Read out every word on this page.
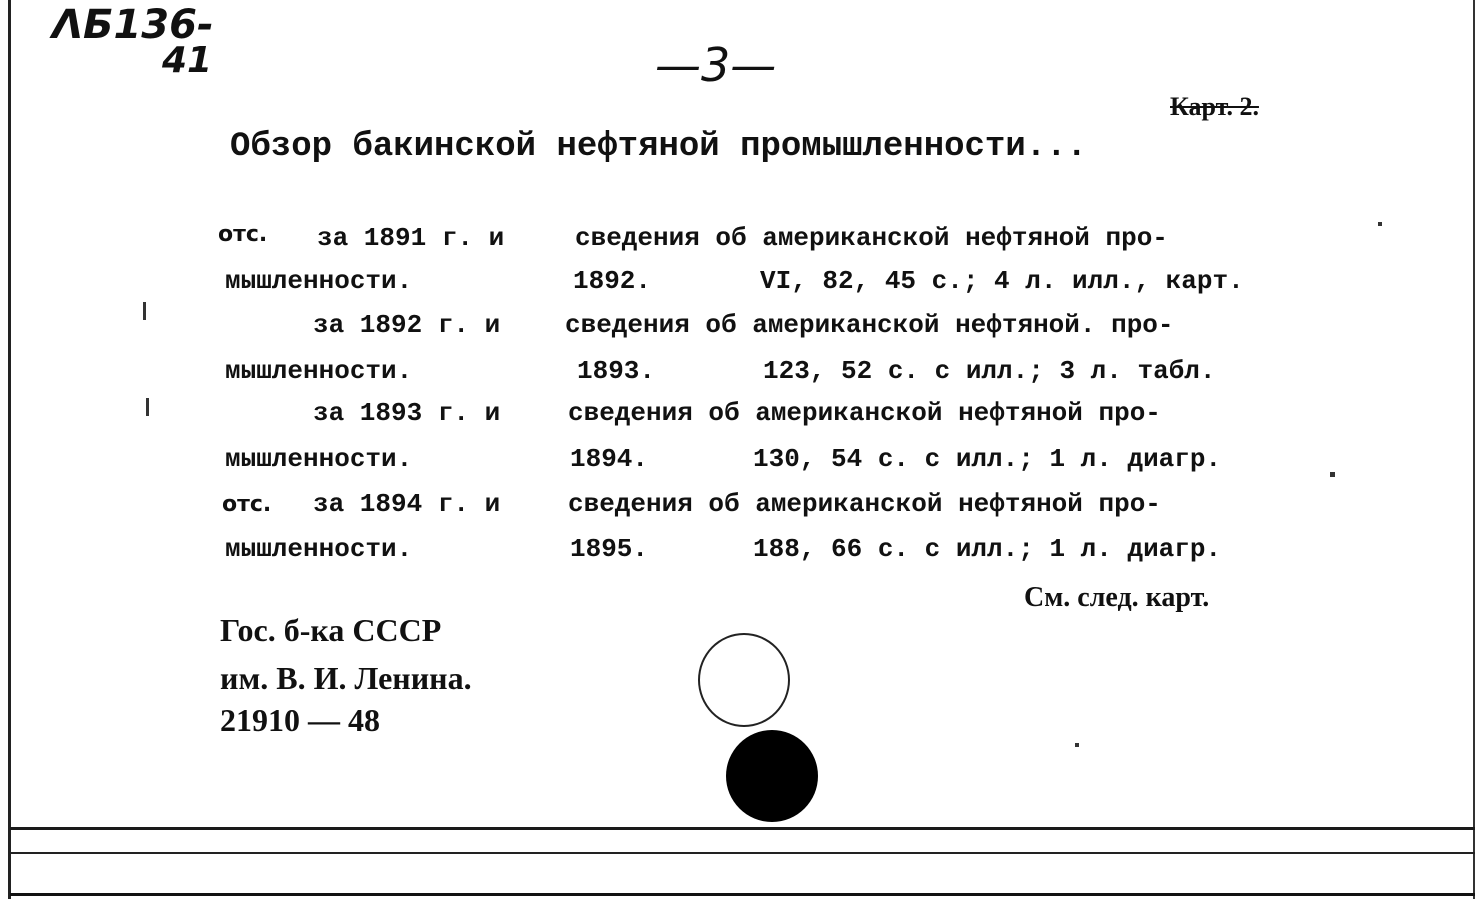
ΛБ136-
41	—3—
Карт. 2.
Обзор бакинской нефтяной промышленности...
отс. за 1891 г. и	сведения об американской нефтяной про-
мышленности.	1892.	VI, 82, 45 с.; 4 л. илл., карт.
за 1892 г. и сведения об американской нефтяной. про-
мышленности.	1893.	123, 52 с. с илл.; 3 л. табл.
за 1893 г. и	сведения об американской нефтяной про-
мышленности.	1894.	130, 54 с. с илл.; 1 л. диагр.
отс. за 1894 г. и	сведения об американской нефтяной про-
мышленности.	1895.	188, 66 с. с илл.; 1 л. диагр.
См. след. карт.
Гос. б-ка СССР
им. В. И. Ленина.
21910 — 48
